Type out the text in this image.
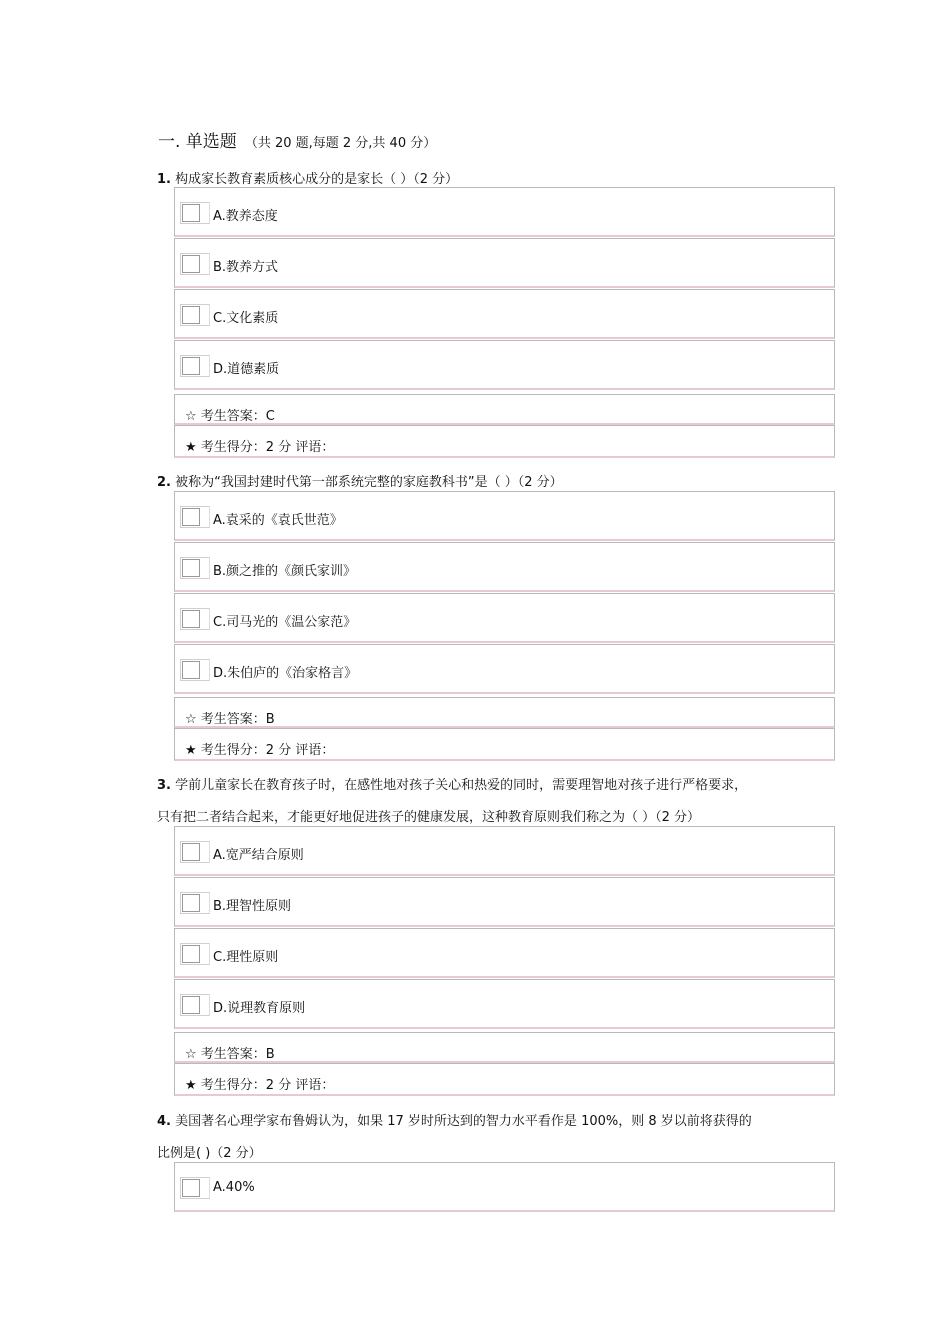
一. 单选题 （共 20 题,每题 2 分,共 40 分）
1. 构成家长教育素质核心成分的是家长（ ）（2 分）
A.教养态度
B.教养方式
C.文化素质
D.道德素质
☆ 考生答案：C
★ 考生得分：2 分 评语：
2. 被称为“我国封建时代第一部系统完整的家庭教科书”是（ ）（2 分）
A.袁采的《袁氏世范》
B.颜之推的《颜氏家训》
C.司马光的《温公家范》
D.朱伯庐的《治家格言》
☆ 考生答案：B
★ 考生得分：2 分 评语：
3. 学前儿童家长在教育孩子时，在感性地对孩子关心和热爱的同时，需要理智地对孩子进行严格要求，
只有把二者结合起来，才能更好地促进孩子的健康发展，这种教育原则我们称之为（ ）（2 分）
A.宽严结合原则
B.理智性原则
C.理性原则
D.说理教育原则
☆ 考生答案：B
★ 考生得分：2 分 评语：
4. 美国著名心理学家布鲁姆认为，如果 17 岁时所达到的智力水平看作是 100%，则 8 岁以前将获得的
比例是( )（2 分）
A.40%
